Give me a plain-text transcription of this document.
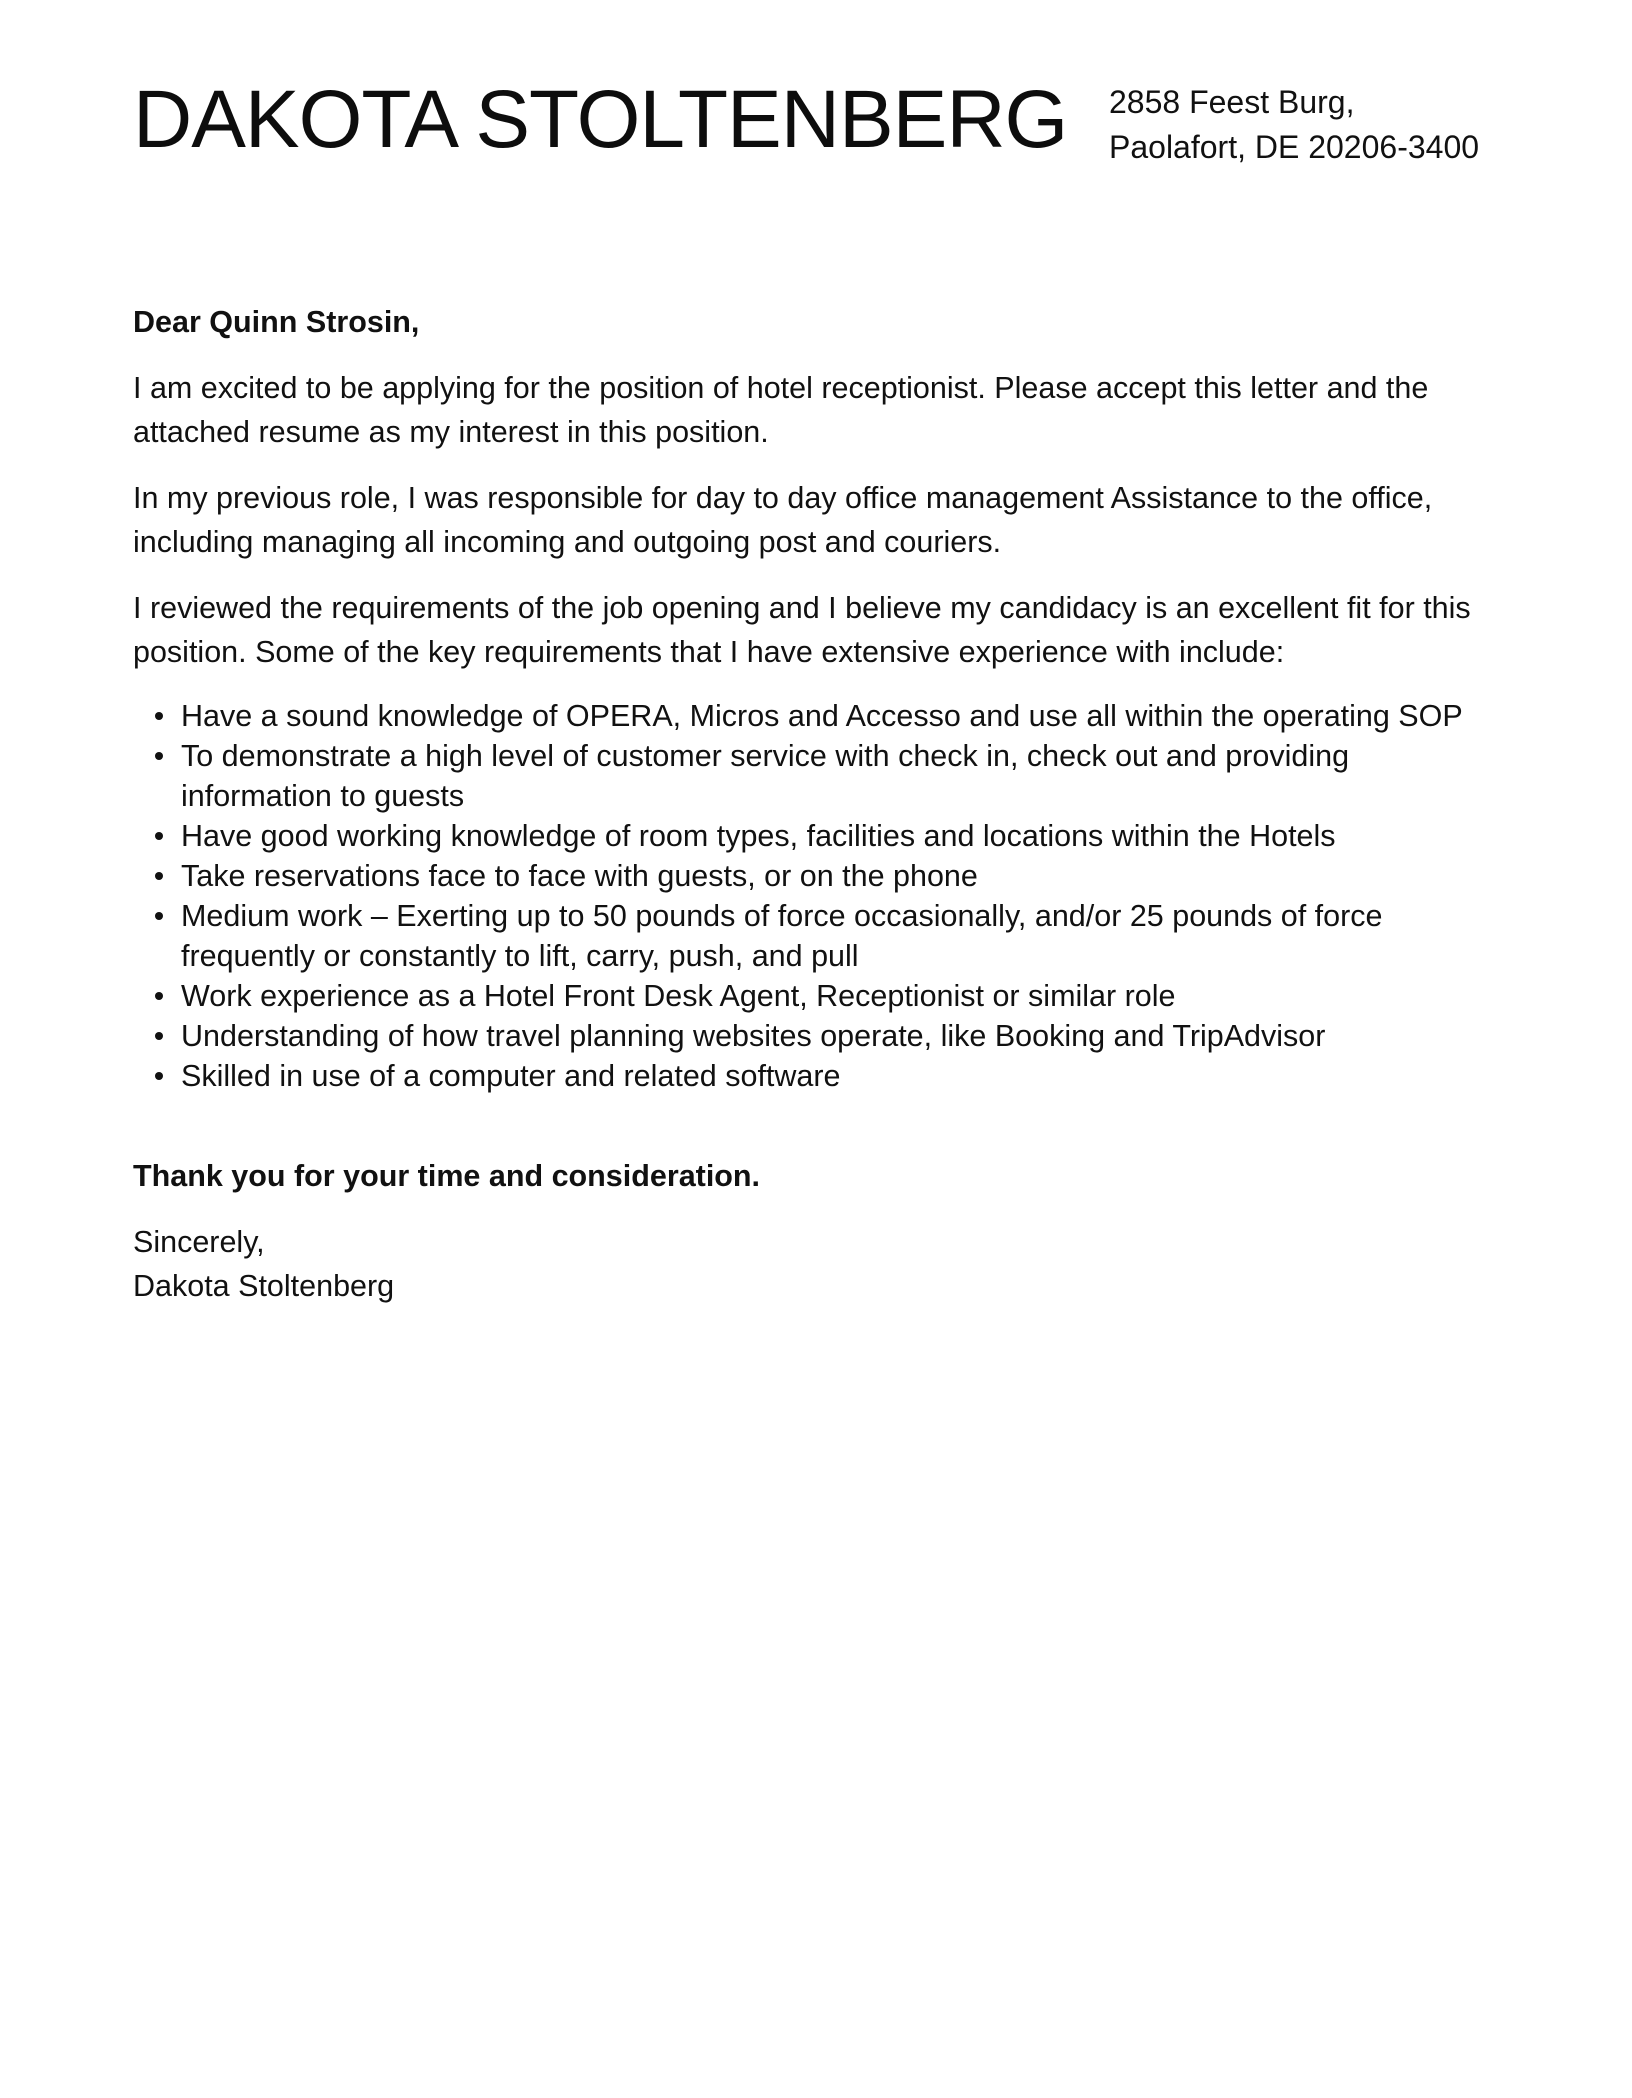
DAKOTA STOLTENBERG 2858 Feest Burg,
Paolafort, DE 20206-3400

Dear Quinn Strosin,

I am excited to be applying for the position of hotel receptionist. Please accept this letter and the attached resume as my interest in this position.

In my previous role, I was responsible for day to day office management Assistance to the office, including managing all incoming and outgoing post and couriers.

I reviewed the requirements of the job opening and I believe my candidacy is an excellent fit for this position. Some of the key requirements that I have extensive experience with include:

Have a sound knowledge of OPERA, Micros and Accesso and use all within the operating SOP
To demonstrate a high level of customer service with check in, check out and providing information to guests
Have good working knowledge of room types, facilities and locations within the Hotels
Take reservations face to face with guests, or on the phone
Medium work – Exerting up to 50 pounds of force occasionally, and/or 25 pounds of force frequently or constantly to lift, carry, push, and pull
Work experience as a Hotel Front Desk Agent, Receptionist or similar role
Understanding of how travel planning websites operate, like Booking and TripAdvisor
Skilled in use of a computer and related software

Thank you for your time and consideration.

Sincerely,

Dakota Stoltenberg
